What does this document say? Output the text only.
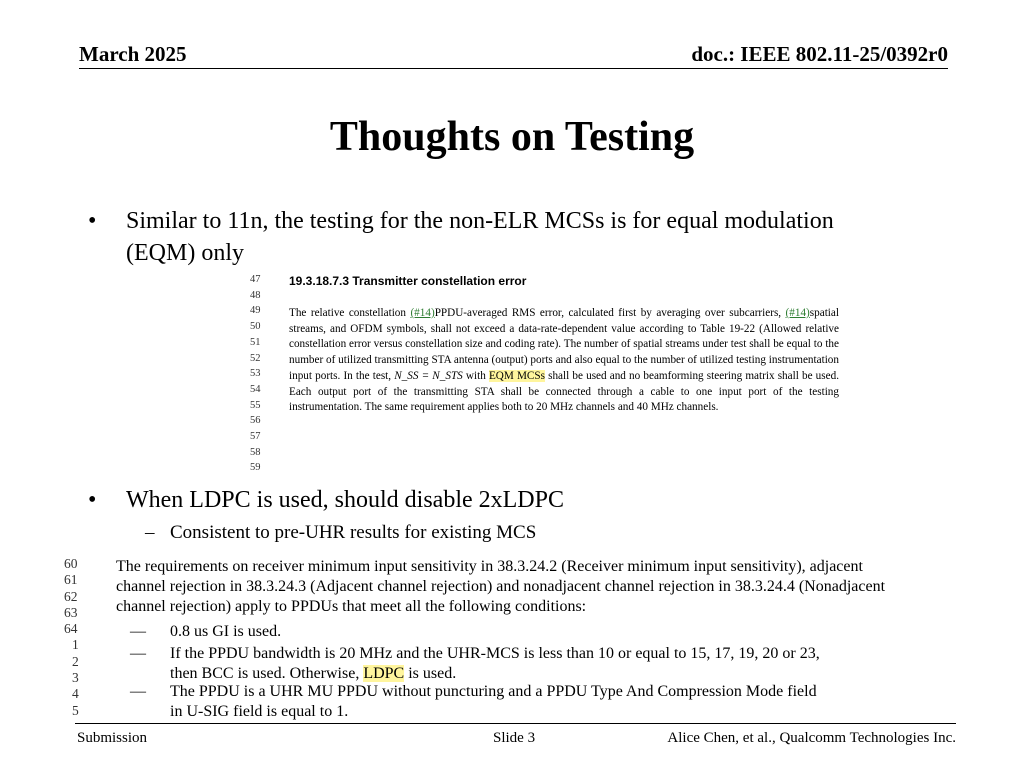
March 2025	doc.: IEEE 802.11-25/0392r0
Thoughts on Testing
• Similar to 11n, the testing for the non-ELR MCSs is for equal modulation (EQM) only
47
48
49
50
51
52
53
54
55
56
57
58
59
19.3.18.7.3 Transmitter constellation error
The relative constellation (#14)PPDU-averaged RMS error, calculated first by averaging over subcarriers, (#14)spatial streams, and OFDM symbols, shall not exceed a data-rate-dependent value according to Table 19-22 (Allowed relative constellation error versus constellation size and coding rate). The number of spatial streams under test shall be equal to the number of utilized transmitting STA antenna (output) ports and also equal to the number of utilized testing instrumentation input ports. In the test, N_SS = N_STS with EQM MCSs shall be used and no beamforming steering matrix shall be used. Each output port of the transmitting STA shall be connected through a cable to one input port of the testing instrumentation. The same requirement applies both to 20 MHz channels and 40 MHz channels.
• When LDPC is used, should disable 2xLDPC
– Consistent to pre-UHR results for existing MCS
60
61
62
63
64
1
2
3
4
5
The requirements on receiver minimum input sensitivity in 38.3.24.2 (Receiver minimum input sensitivity), adjacent channel rejection in 38.3.24.3 (Adjacent channel rejection) and nonadjacent channel rejection in 38.3.24.4 (Nonadjacent channel rejection) apply to PPDUs that meet all the following conditions:
— 0.8 us GI is used.
— If the PPDU bandwidth is 20 MHz and the UHR-MCS is less than 10 or equal to 15, 17, 19, 20 or 23,
then BCC is used. Otherwise, LDPC is used.
— The PPDU is a UHR MU PPDU without puncturing and a PPDU Type And Compression Mode field
in U-SIG field is equal to 1.
Submission	Slide 3	Alice Chen, et al., Qualcomm Technologies Inc.
